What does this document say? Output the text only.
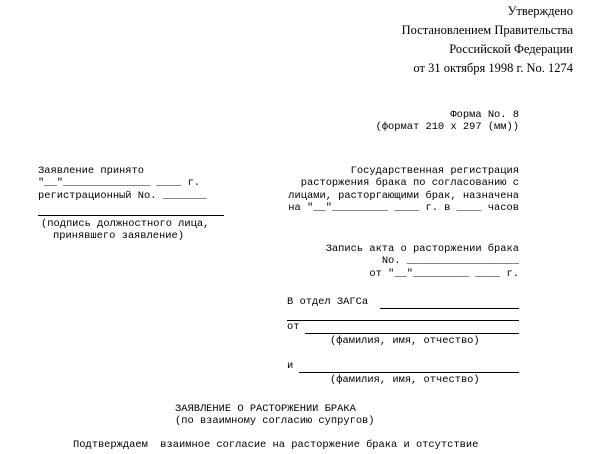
Утверждено
Постановлением Правительства
Российской Федерации
от 31 октября 1998 г. No. 1274
Форма No. 8
(формат 210 x 297 (мм))
Заявление принято
"__"______________ ____ г.
регистрационный No. _______
(подпись должностного лица,
принявшего заявление)
Государственная регистрация
расторжения брака по согласованию с
лицами, расторгающими брак, назначена
на "__"_________ ____ г. в ____ часов
Запись акта о расторжении брака
No. __________________
от "__"_________ ____ г.
В отдел ЗАГСа
от
(фамилия, имя, отчество)
и
(фамилия, имя, отчество)
ЗАЯВЛЕНИЕ О РАСТОРЖЕНИИ БРАКА
(по взаимному согласию супругов)
Подтверждаем  взаимное согласие на расторжение брака и отсутствие
